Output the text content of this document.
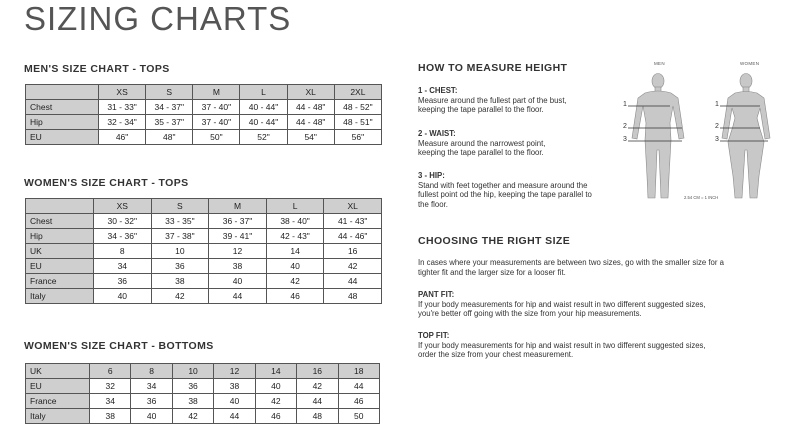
SIZING CHARTS
MEN'S SIZE CHART - TOPS
	XS	S	M	L	XL	2XL
Chest	31 - 33"	34 - 37"	37 - 40"	40 - 44"	44 - 48"	48 - 52"
Hip	32 - 34"	35 - 37"	37 - 40"	40 - 44"	44 - 48"	48 - 51"
EU	46"	48"	50"	52"	54"	56"
WOMEN'S SIZE CHART - TOPS
	XS	S	M	L	XL
Chest	30 - 32"	33 - 35"	36 - 37"	38 - 40"	41 - 43"
Hip	34 - 36"	37 - 38"	39 - 41"	42 - 43"	44 - 46"
UK	8	10	12	14	16
EU	34	36	38	40	42
France	36	38	40	42	44
Italy	40	42	44	46	48
WOMEN'S SIZE CHART - BOTTOMS
UK	6	8	10	12	14	16	18
EU	32	34	36	38	40	42	44
France	34	36	38	40	42	44	46
Italy	38	40	42	44	46	48	50
HOW TO MEASURE HEIGHT
1 - CHEST:
Measure around the fullest part of the bust, keeping the tape parallel to the floor.
2 - WAIST:
Measure around the narrowest point, keeping the tape parallel to the floor.
3 - HIP:
Stand with feet together and measure around the fullest point od the hip, keeping the tape parallel to the floor.
MEN	WOMEN
1
2
3
1
2
3
2.54 CM = 1 INCH
CHOOSING THE RIGHT SIZE
In cases where your measurements are between two sizes, go with the smaller size for a tighter fit and the larger size for a looser fit.
PANT FIT:
If your body measurements for hip and waist result in two different suggested sizes, you're better off going with the size from your hip measurements.
TOP FIT:
If your body measurements for hip and waist result in two different suggested sizes, order the size from your chest measurement.
